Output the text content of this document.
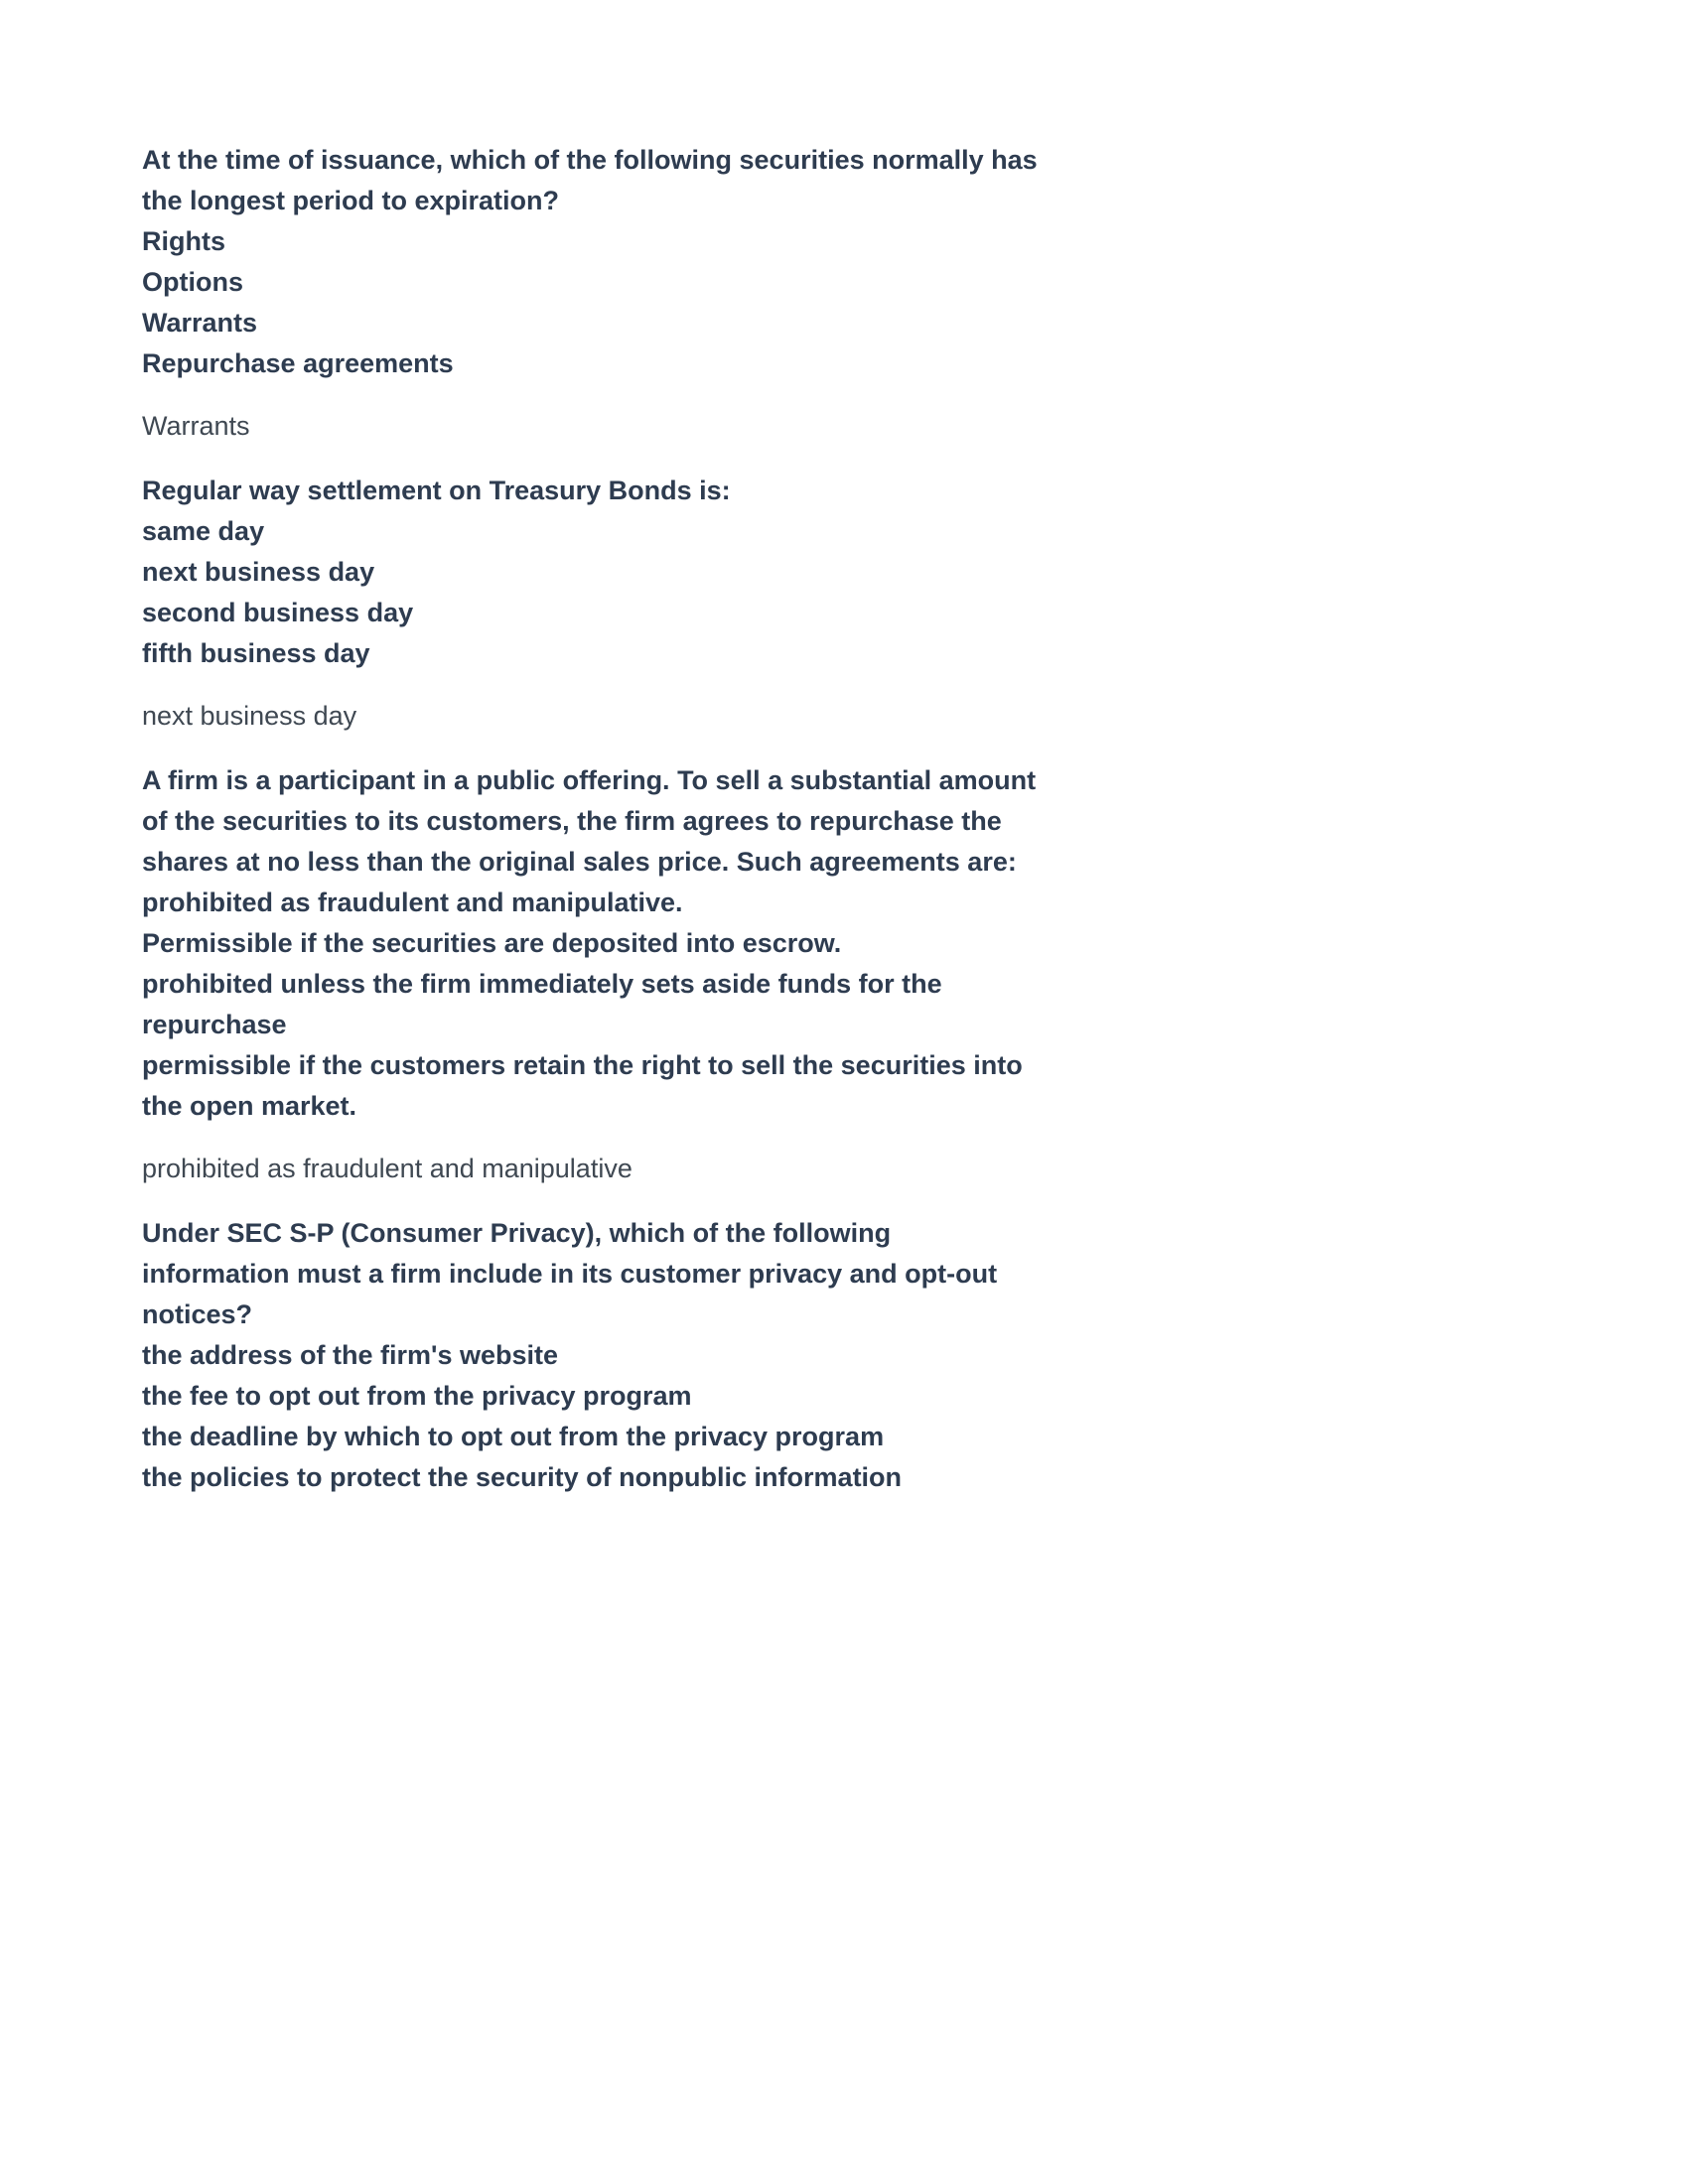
At the time of issuance, which of the following securities normally has the longest period to expiration?

Rights

Options

Warrants

Repurchase agreements

Warrants

Regular way settlement on Treasury Bonds is:

same day

next business day

second business day

fifth business day

next business day

A firm is a participant in a public offering. To sell a substantial amount of the securities to its customers, the firm agrees to repurchase the shares at no less than the original sales price. Such agreements are:

prohibited as fraudulent and manipulative.

Permissible if the securities are deposited into escrow.

prohibited unless the firm immediately sets aside funds for the repurchase

permissible if the customers retain the right to sell the securities into the open market.

prohibited as fraudulent and manipulative

Under SEC S-P (Consumer Privacy), which of the following information must a firm include in its customer privacy and opt-out notices?

the address of the firm's website

the fee to opt out from the privacy program

the deadline by which to opt out from the privacy program

the policies to protect the security of nonpublic information
